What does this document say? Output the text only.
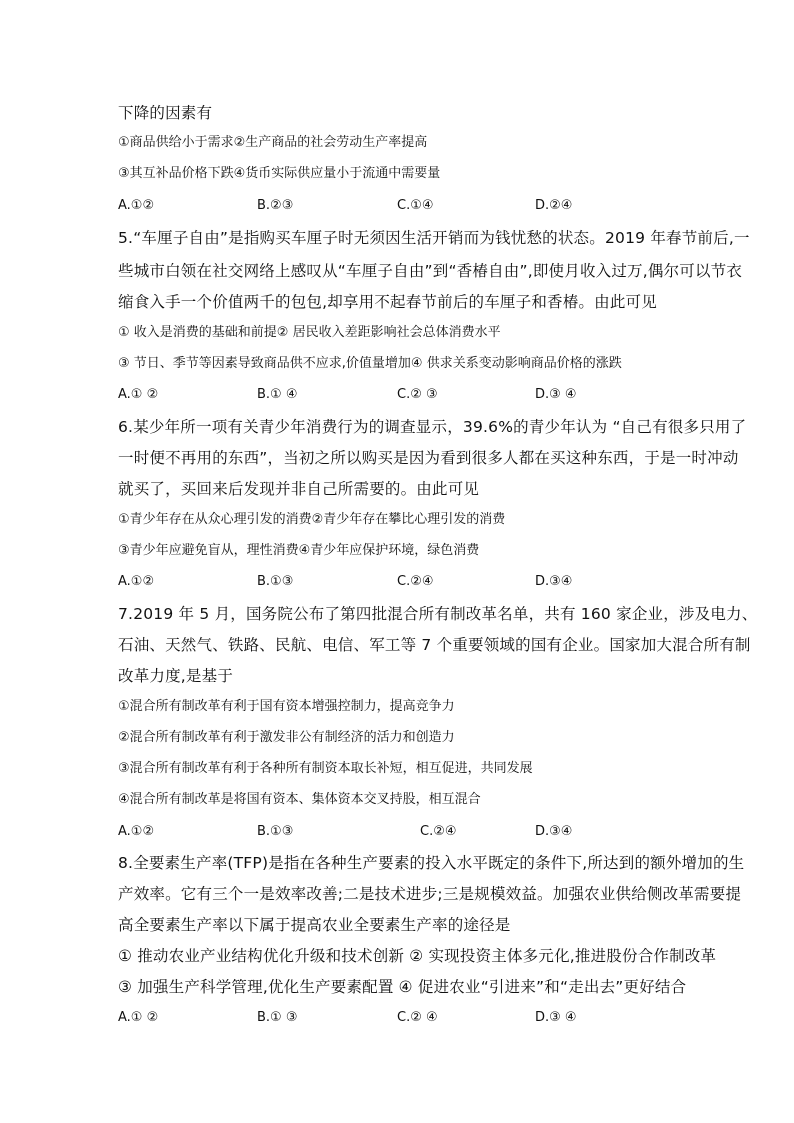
下降的因素有
①商品供给小于需求②生产商品的社会劳动生产率提高
③其互补品价格下跌④货币实际供应量小于流通中需要量
A.①②	B.②③	C.①④	D.②④
5.“车厘子自由”是指购买车厘子时无须因生活开销而为钱忧愁的状态。2019 年春节前后,一
些城市白领在社交网络上感叹从“车厘子自由”到“香椿自由”,即使月收入过万,偶尔可以节衣
缩食入手一个价值两千的包包,却享用不起春节前后的车厘子和香椿。由此可见
① 收入是消费的基础和前提② 居民收入差距影响社会总体消费水平
③ 节日、季节等因素导致商品供不应求,价值量增加④ 供求关系变动影响商品价格的涨跌
A.① ②	B.① ④	C.② ③	D.③ ④
6.某少年所一项有关青少年消费行为的调查显示，39.6%的青少年认为 “自己有很多只用了
一时便不再用的东西”，当初之所以购买是因为看到很多人都在买这种东西，于是一时冲动
就买了，买回来后发现并非自己所需要的。由此可见
①青少年存在从众心理引发的消费②青少年存在攀比心理引发的消费
③青少年应避免盲从，理性消费④青少年应保护环境，绿色消费
A.①②	B.①③	C.②④	D.③④
7.2019 年 5 月，国务院公布了第四批混合所有制改革名单，共有 160 家企业，涉及电力、
石油、天然气、铁路、民航、电信、军工等 7 个重要领域的国有企业。国家加大混合所有制
改革力度,是基于
①混合所有制改革有利于国有资本增强控制力，提高竞争力
②混合所有制改革有利于激发非公有制经济的活力和创造力
③混合所有制改革有利于各种所有制资本取长补短，相互促进，共同发展
④混合所有制改革是将国有资本、集体资本交叉持股，相互混合
A.①②	B.①③	C.②④	D.③④
8.全要素生产率(TFP)是指在各种生产要素的投入水平既定的条件下,所达到的额外增加的生
产效率。它有三个一是效率改善;二是技术进步;三是规模效益。加强农业供给侧改革需要提
高全要素生产率以下属于提高农业全要素生产率的途径是
① 推动农业产业结构优化升级和技术创新 ② 实现投资主体多元化,推进股份合作制改革
③ 加强生产科学管理,优化生产要素配置 ④ 促进农业“引进来”和“走出去”更好结合
A.① ②	B.① ③	C.② ④	D.③ ④
